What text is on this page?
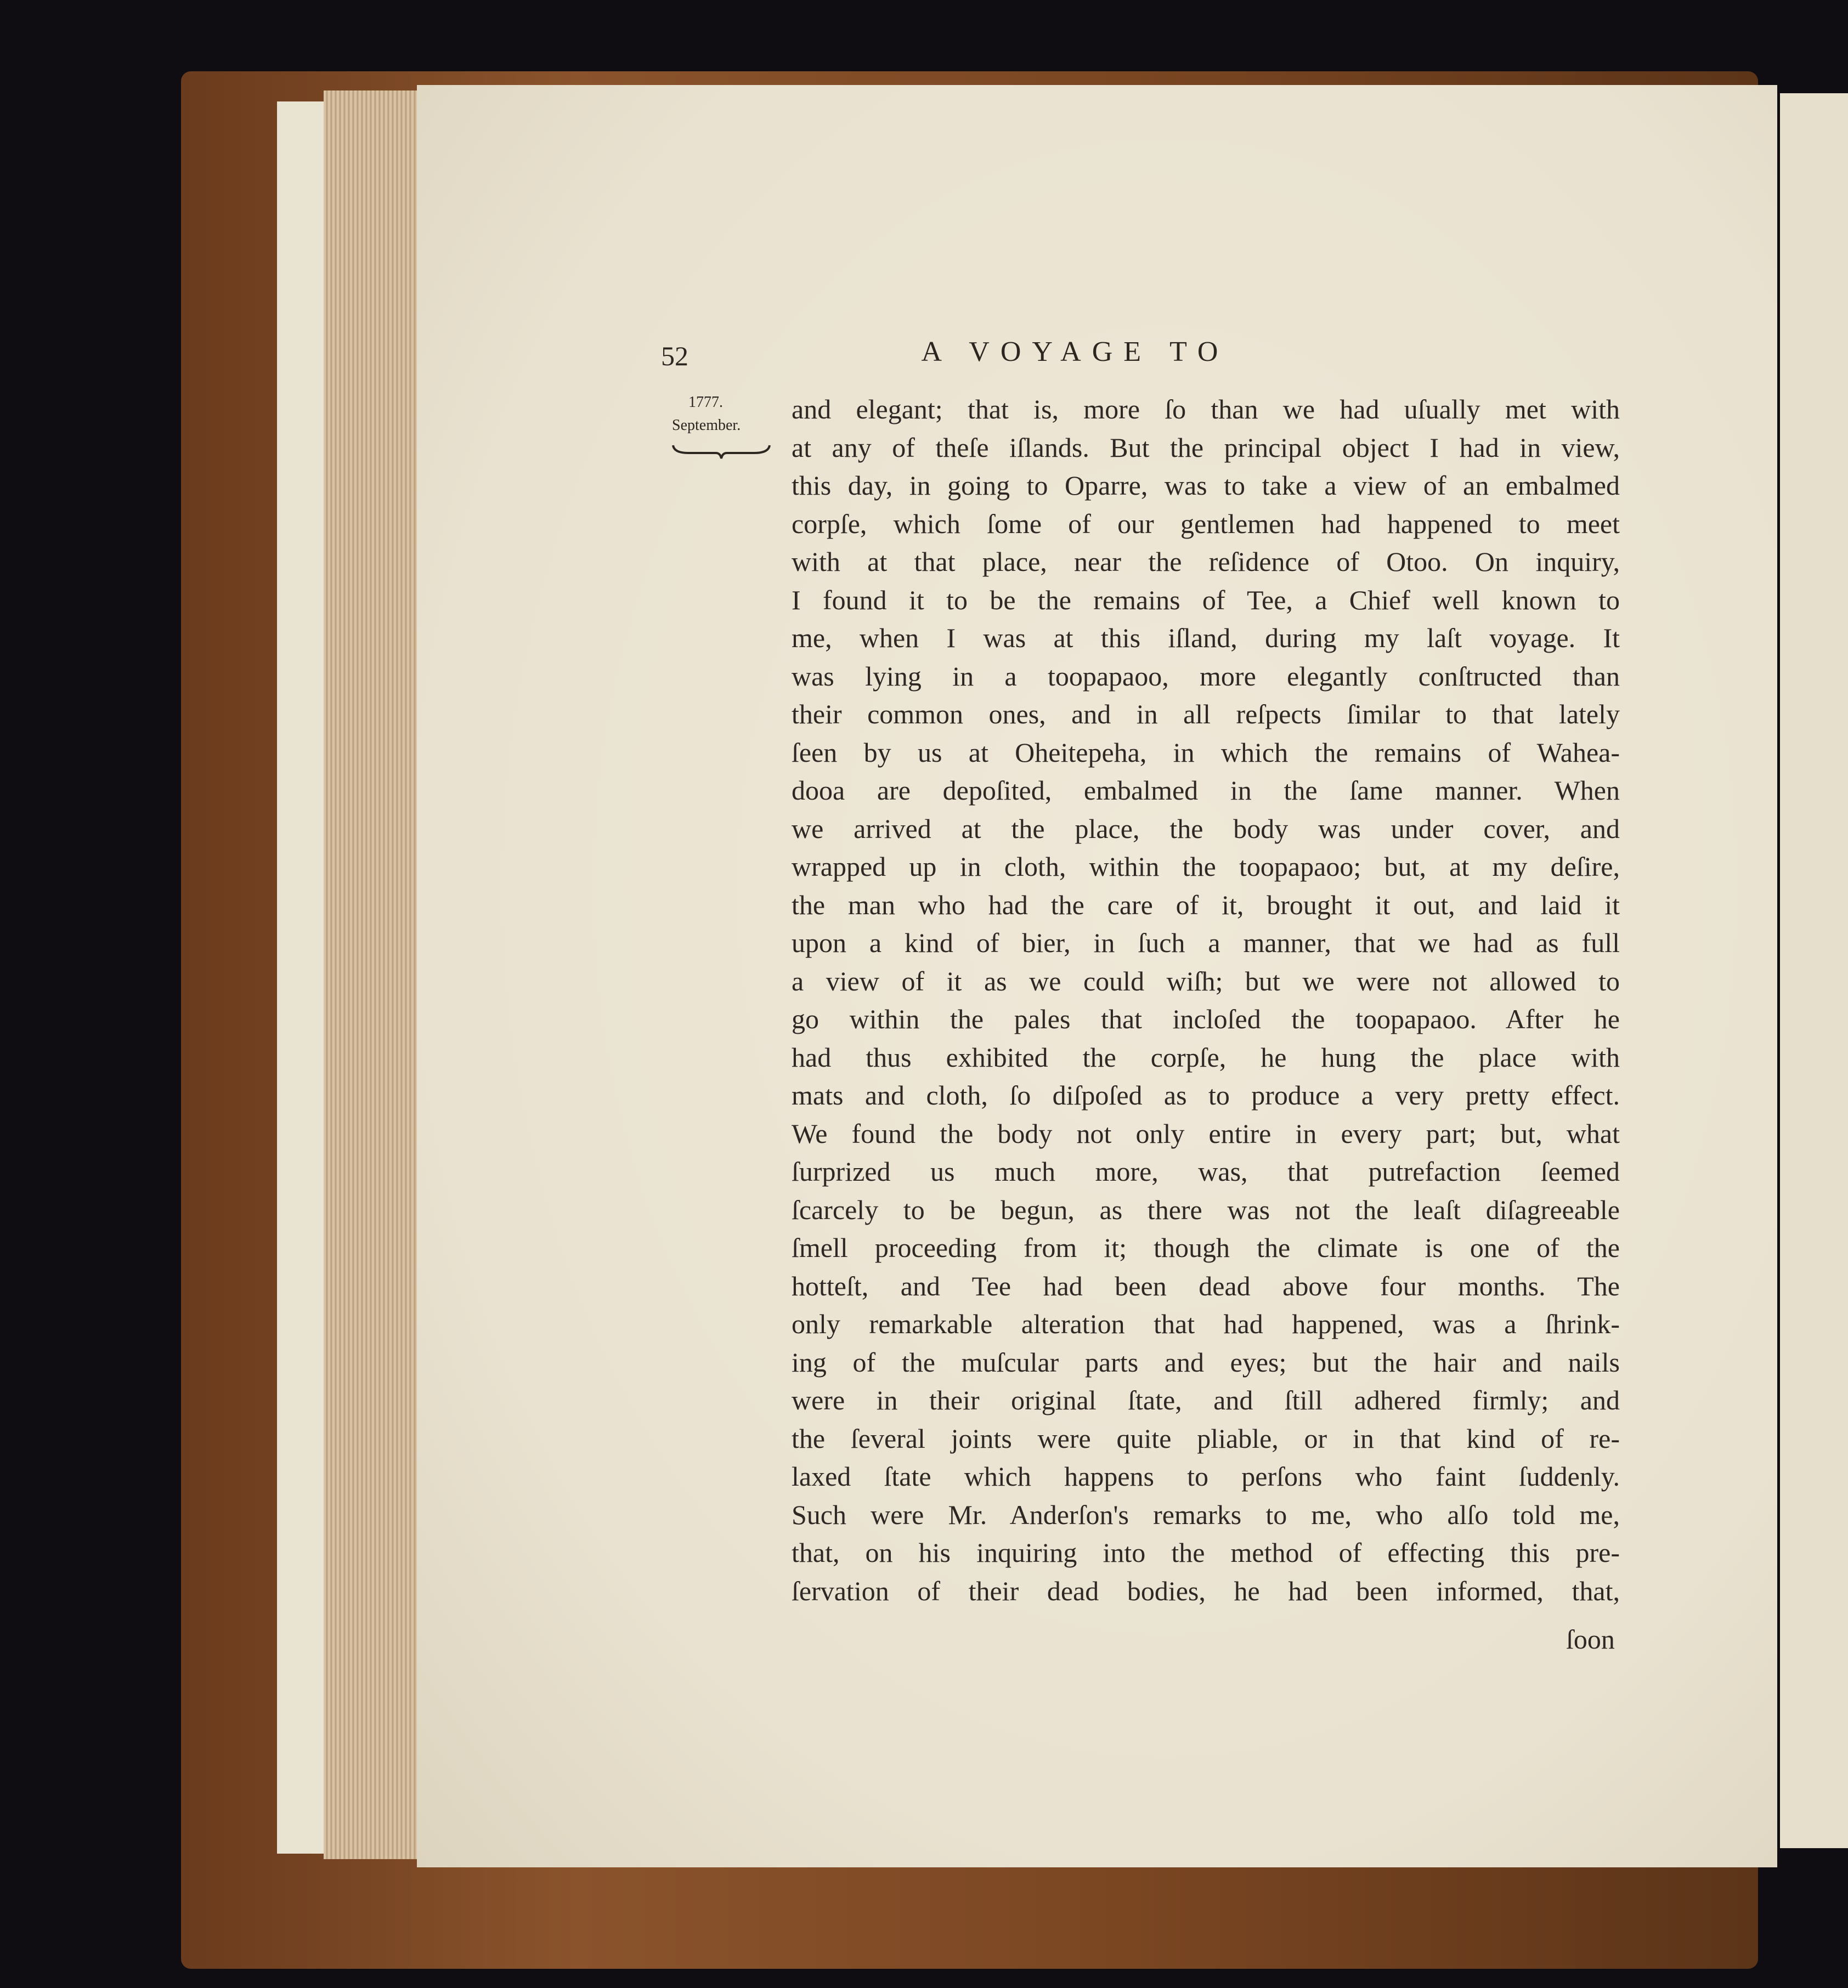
52	A VOYAGE TO
1777.
September.
and elegant; that is, more ſo than we had uſually met with
at any of theſe iſlands. But the principal object I had in view,
this day, in going to Oparre, was to take a view of an embalmed
corpſe, which ſome of our gentlemen had happened to meet
with at that place, near the reſidence of Otoo. On inquiry,
I found it to be the remains of Tee, a Chief well known to
me, when I was at this iſland, during my laſt voyage. It
was lying in a toopapaoo, more elegantly conſtructed than
their common ones, and in all reſpects ſimilar to that lately
ſeen by us at Oheitepeha, in which the remains of Waheа-
dooa are depoſited, embalmed in the ſame manner. When
we arrived at the place, the body was under cover, and
wrapped up in cloth, within the toopapaoo; but, at my deſire,
the man who had the care of it, brought it out, and laid it
upon a kind of bier, in ſuch a manner, that we had as full
a view of it as we could wiſh; but we were not allowed to
go within the pales that incloſed the toopapaoo. After he
had thus exhibited the corpſe, he hung the place with
mats and cloth, ſo diſpoſed as to produce a very pretty effect.
We found the body not only entire in every part; but, what
ſurprized us much more, was, that putrefaction ſeemed
ſcarcely to be begun, as there was not the leaſt diſagreeable
ſmell proceeding from it; though the climate is one of the
hotteſt, and Tee had been dead above four months. The
only remarkable alteration that had happened, was a ſhrink-
ing of the muſcular parts and eyes; but the hair and nails
were in their original ſtate, and ſtill adhered firmly; and
the ſeveral joints were quite pliable, or in that kind of re-
laxed ſtate which happens to perſons who faint ſuddenly.
Such were Mr. Anderſon's remarks to me, who alſo told me,
that, on his inquiring into the method of effecting this pre-
ſervation of their dead bodies, he had been informed, that,
ſoon
